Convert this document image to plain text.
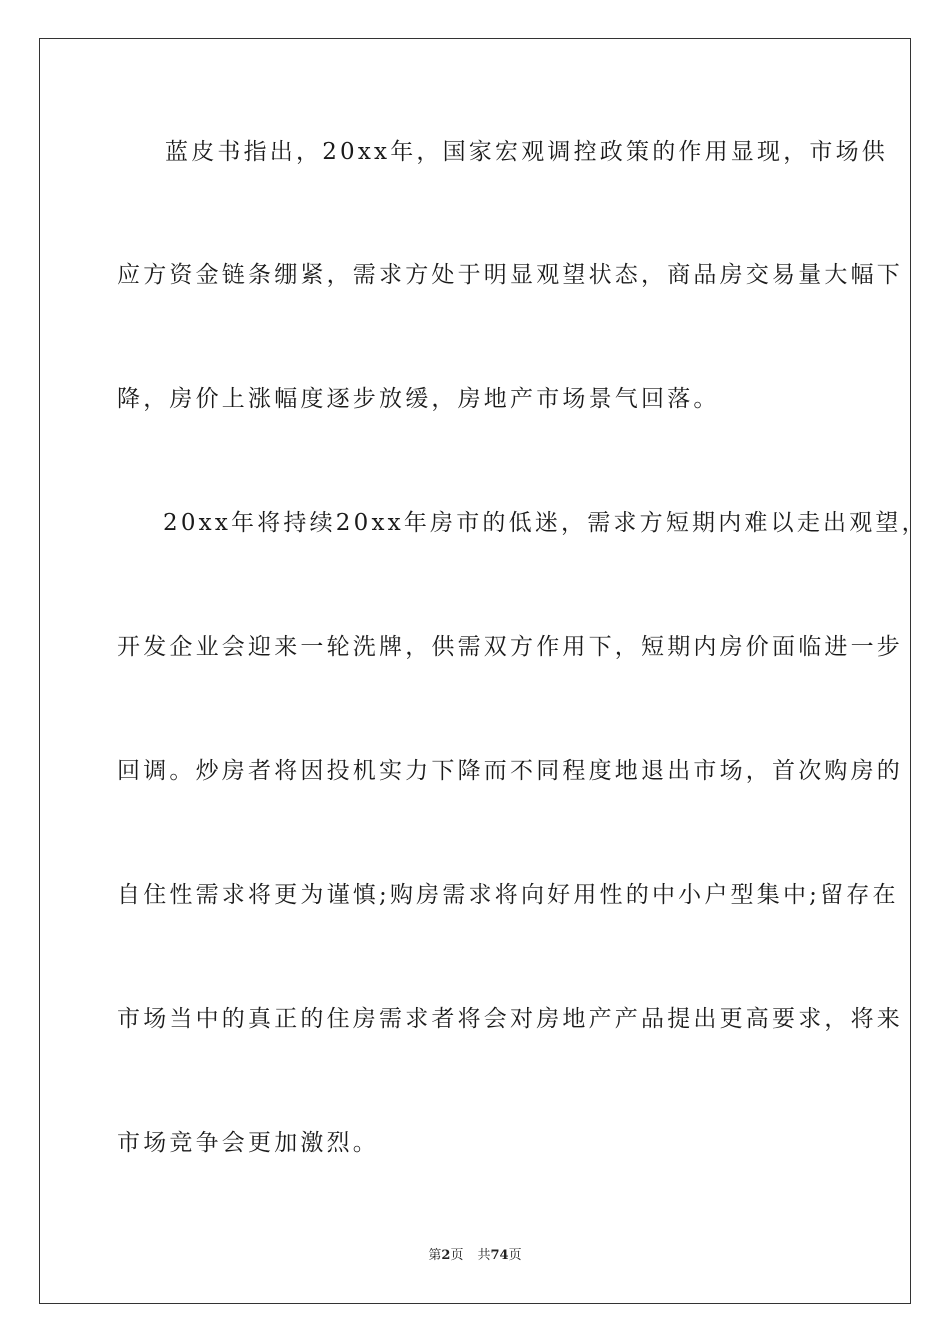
蓝皮书指出，20xx年，国家宏观调控政策的作用显现，市场供
应方资金链条绷紧，需求方处于明显观望状态，商品房交易量大幅下
降，房价上涨幅度逐步放缓，房地产市场景气回落。
20xx年将持续20xx年房市的低迷，需求方短期内难以走出观望，
开发企业会迎来一轮洗牌，供需双方作用下，短期内房价面临进一步
回调。炒房者将因投机实力下降而不同程度地退出市场，首次购房的
自住性需求将更为谨慎;购房需求将向好用性的中小户型集中;留存在
市场当中的真正的住房需求者将会对房地产产品提出更高要求，将来
市场竞争会更加激烈。
第2页 共74页
